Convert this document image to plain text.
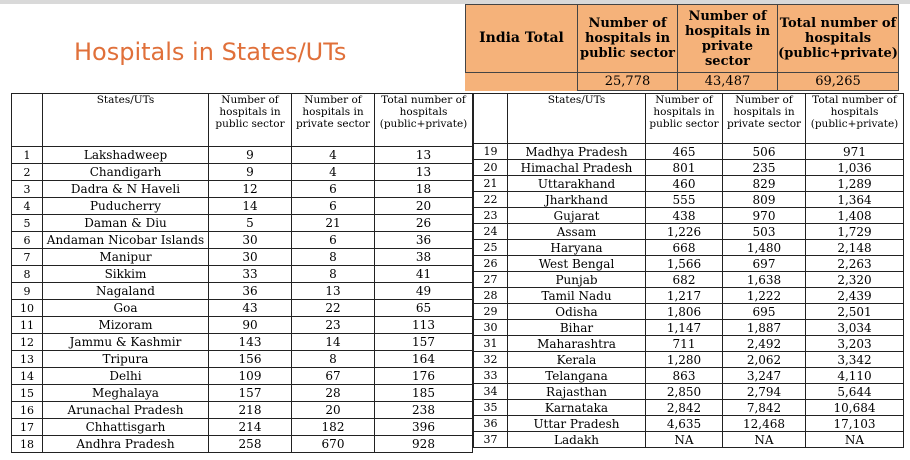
Hospitals in States/UTs	India Total	Number of hospitals in public sector	Number of hospitals in private sector	Total number of hospitals (public+private)
	25,778	43,487	69,265
	States/UTs	Number of hospitals in public sector	Number of hospitals in private sector	Total number of hospitals (public+private)
1	Lakshadweep	9	4	13
2	Chandigarh	9	4	13
3	Dadra & N Haveli	12	6	18
4	Puducherry	14	6	20
5	Daman & Diu	5	21	26
6	Andaman Nicobar Islands	30	6	36
7	Manipur	30	8	38
8	Sikkim	33	8	41
9	Nagaland	36	13	49
10	Goa	43	22	65
11	Mizoram	90	23	113
12	Jammu & Kashmir	143	14	157
13	Tripura	156	8	164
14	Delhi	109	67	176
15	Meghalaya	157	28	185
16	Arunachal Pradesh	218	20	238
17	Chhattisgarh	214	182	396
18	Andhra Pradesh	258	670	928
	States/UTs	Number of hospitals in public sector	Number of hospitals in private sector	Total number of hospitals (public+private)
19	Madhya Pradesh	465	506	971
20	Himachal Pradesh	801	235	1,036
21	Uttarakhand	460	829	1,289
22	Jharkhand	555	809	1,364
23	Gujarat	438	970	1,408
24	Assam	1,226	503	1,729
25	Haryana	668	1,480	2,148
26	West Bengal	1,566	697	2,263
27	Punjab	682	1,638	2,320
28	Tamil Nadu	1,217	1,222	2,439
29	Odisha	1,806	695	2,501
30	Bihar	1,147	1,887	3,034
31	Maharashtra	711	2,492	3,203
32	Kerala	1,280	2,062	3,342
33	Telangana	863	3,247	4,110
34	Rajasthan	2,850	2,794	5,644
35	Karnataka	2,842	7,842	10,684
36	Uttar Pradesh	4,635	12,468	17,103
37	Ladakh	NA	NA	NA
